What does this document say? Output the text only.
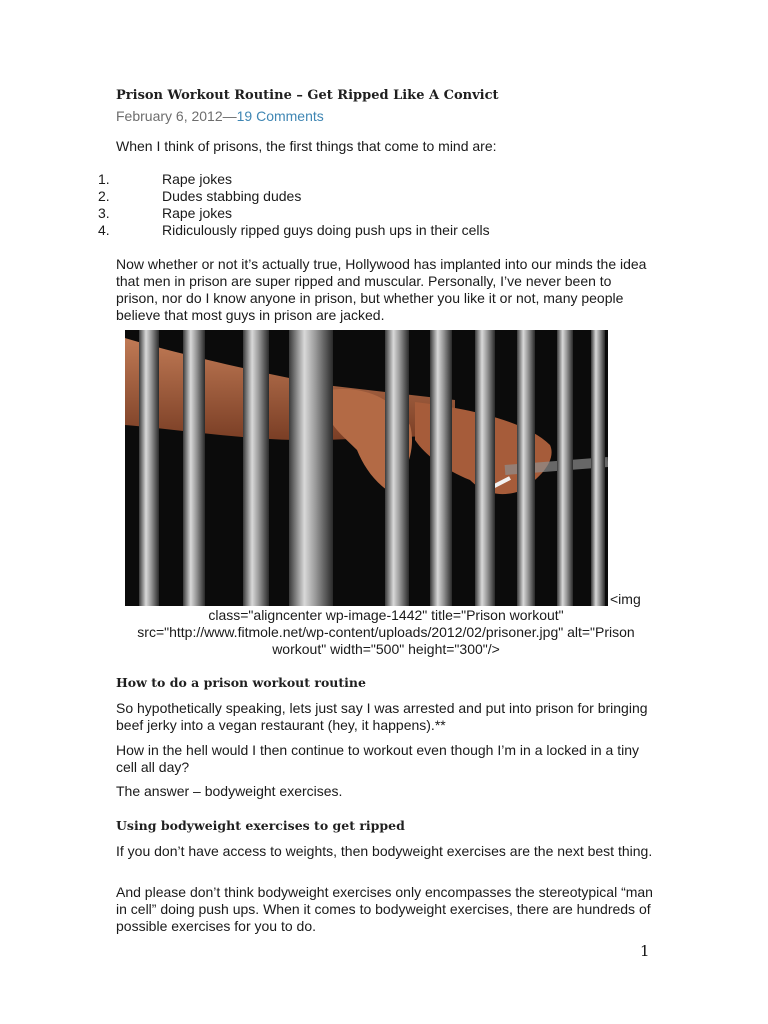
Prison Workout Routine – Get Ripped Like A Convict
February 6, 2012—19 Comments

When I think of prisons, the first things that come to mind are:

1.	Rape jokes
2.	Dudes stabbing dudes
3.	Rape jokes
4.	Ridiculously ripped guys doing push ups in their cells

Now whether or not it’s actually true, Hollywood has implanted into our minds the idea that men in prison are super ripped and muscular. Personally, I’ve never been to prison, nor do I know anyone in prison, but whether you like it or not, many people believe that most guys in prison are jacked.

<img
class="aligncenter wp-image-1442" title="Prison workout" src="http://www.fitmole.net/wp-content/uploads/2012/02/prisoner.jpg" alt="Prison workout" width="500" height="300"/>
How to do a prison workout routine

So hypothetically speaking, lets just say I was arrested and put into prison for bringing beef jerky into a vegan restaurant (hey, it happens).**

How in the hell would I then continue to workout even though I’m in a locked in a tiny cell all day?

The answer – bodyweight exercises.

Using bodyweight exercises to get ripped

If you don’t have access to weights, then bodyweight exercises are the next best thing.

And please don’t think bodyweight exercises only encompasses the stereotypical “man in cell” doing push ups. When it comes to bodyweight exercises, there are hundreds of possible exercises for you to do.

1
